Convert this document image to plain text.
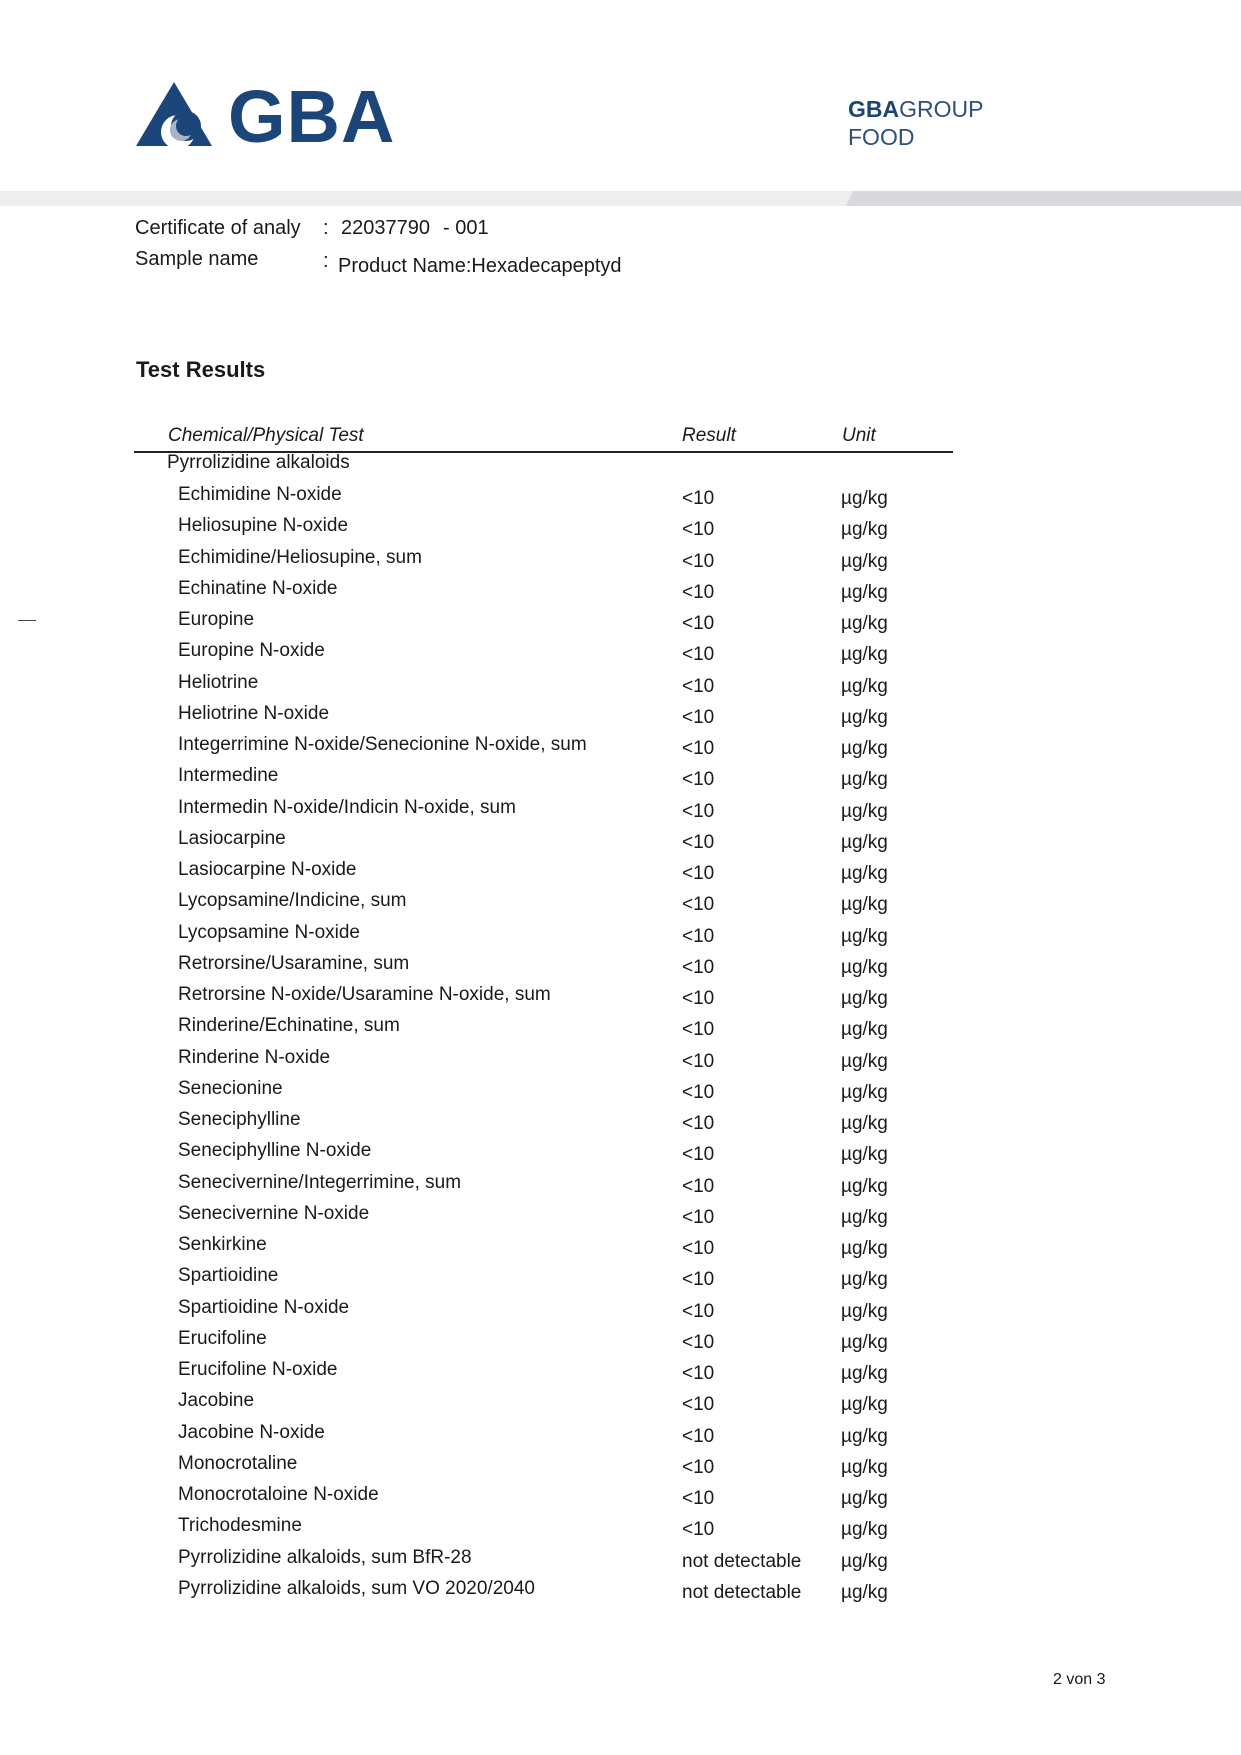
GBA	GBAGROUP
FOOD
Certificate of analy : 22037790 - 001
Sample name	: Product Name:Hexadecapeptyd
Test Results
Chemical/Physical Test	Result	Unit
Pyrrolizidine alkaloids
Echimidine N-oxide	<10	µg/kg
Heliosupine N-oxide	<10	µg/kg
Echimidine/Heliosupine, sum	<10	µg/kg
Echinatine N-oxide	<10	µg/kg
Europine	<10	µg/kg
Europine N-oxide	<10	µg/kg
Heliotrine	<10	µg/kg
Heliotrine N-oxide	<10	µg/kg
Integerrimine N-oxide/Senecionine N-oxide, sum	<10	µg/kg
Intermedine	<10	µg/kg
Intermedin N-oxide/Indicin N-oxide, sum	<10	µg/kg
Lasiocarpine	<10	µg/kg
Lasiocarpine N-oxide	<10	µg/kg
Lycopsamine/Indicine, sum	<10	µg/kg
Lycopsamine N-oxide	<10	µg/kg
Retrorsine/Usaramine, sum	<10	µg/kg
Retrorsine N-oxide/Usaramine N-oxide, sum	<10	µg/kg
Rinderine/Echinatine, sum	<10	µg/kg
Rinderine N-oxide	<10	µg/kg
Senecionine	<10	µg/kg
Seneciphylline	<10	µg/kg
Seneciphylline N-oxide	<10	µg/kg
Senecivernine/Integerrimine, sum	<10	µg/kg
Senecivernine N-oxide	<10	µg/kg
Senkirkine	<10	µg/kg
Spartioidine	<10	µg/kg
Spartioidine N-oxide	<10	µg/kg
Erucifoline	<10	µg/kg
Erucifoline N-oxide	<10	µg/kg
Jacobine	<10	µg/kg
Jacobine N-oxide	<10	µg/kg
Monocrotaline	<10	µg/kg
Monocrotaloine N-oxide	<10	µg/kg
Trichodesmine	<10	µg/kg
Pyrrolizidine alkaloids, sum BfR-28	not detectable µg/kg
Pyrrolizidine alkaloids, sum VO 2020/2040	not detectable µg/kg
2 von 3
